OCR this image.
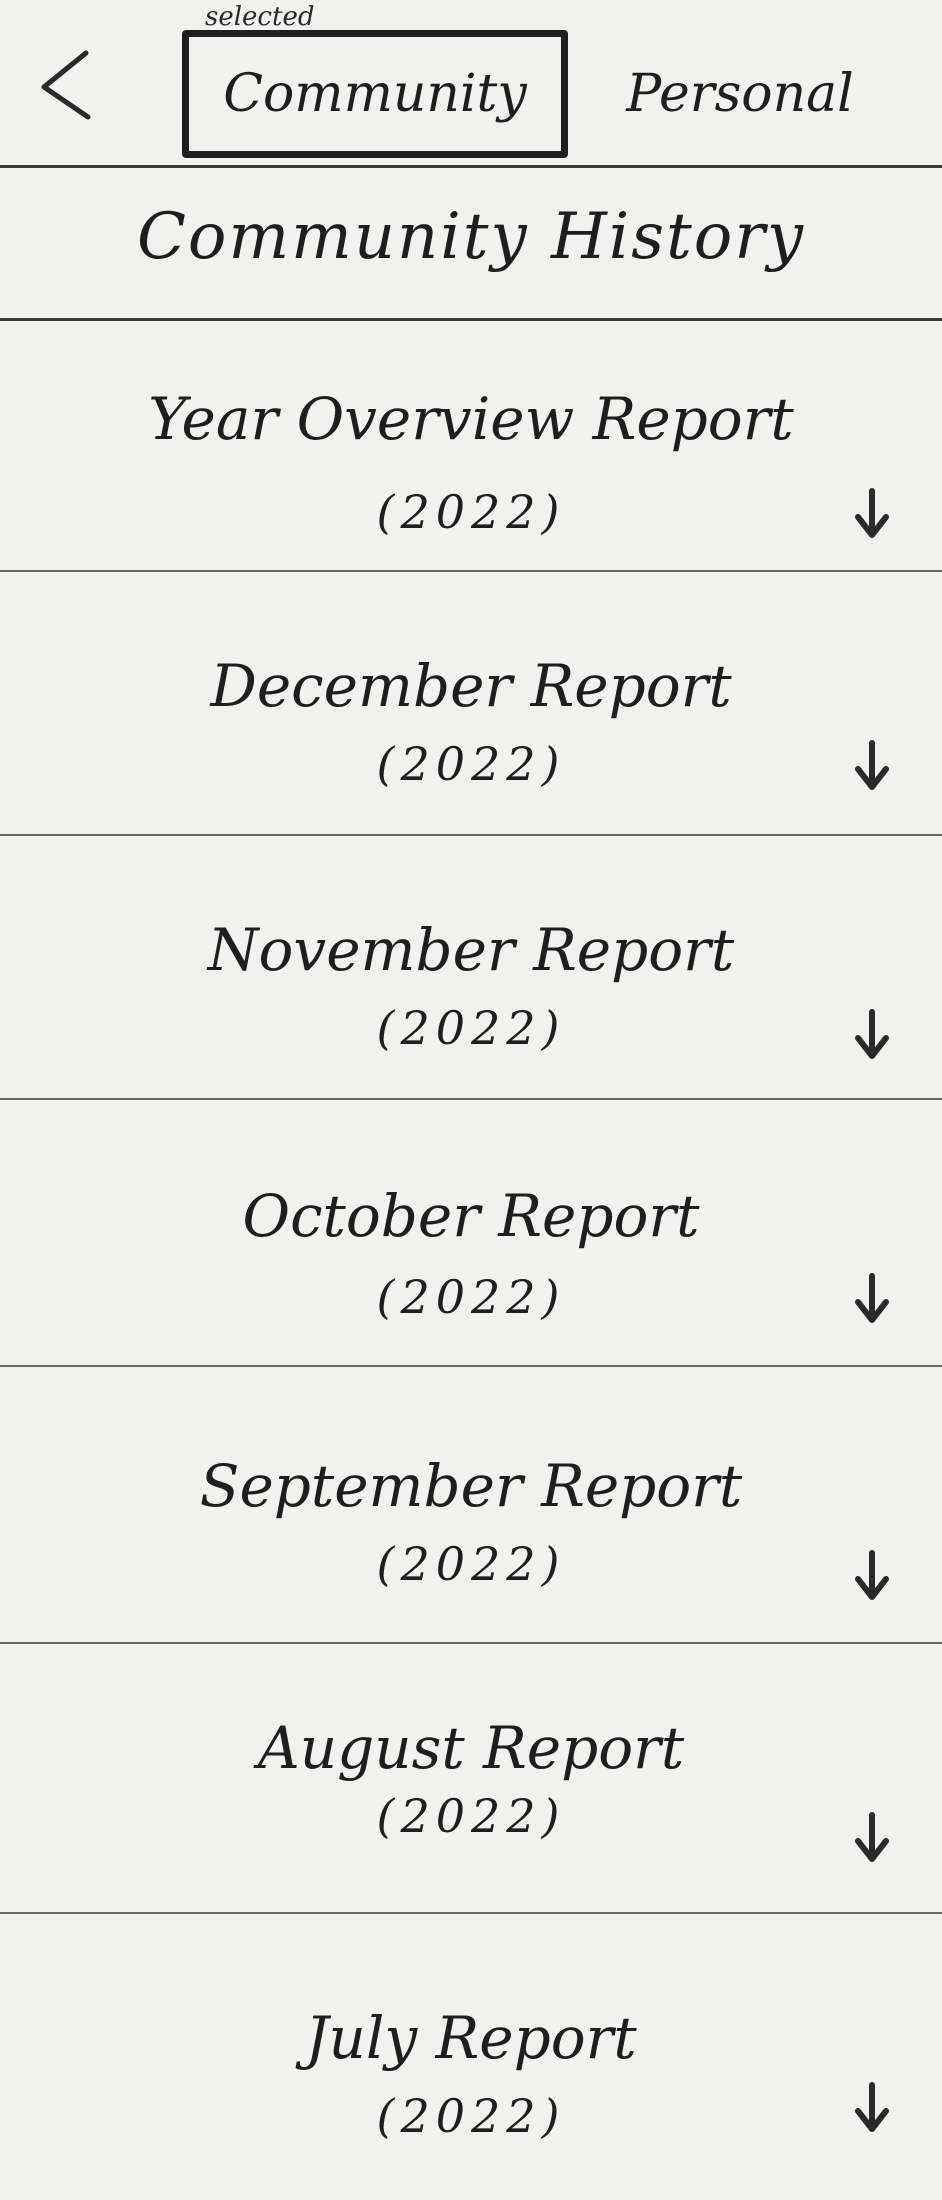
selected
Community Personal
Community History
Year Overview Report
(2022)
December Report
(2022)
November Report
(2022)
October Report
(2022)
September Report
(2022)
August Report
(2022)
July Report
(2022)
